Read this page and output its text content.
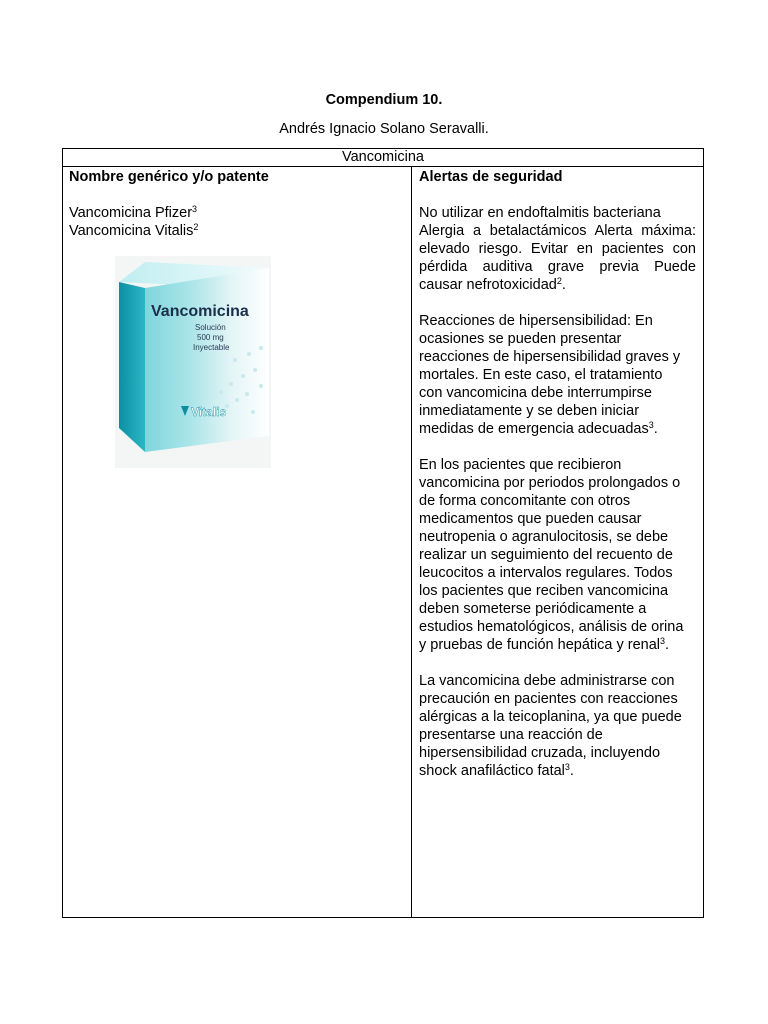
Compendium 10.
Andrés Ignacio Solano Seravalli.
Vancomicina
Nombre genérico y/o patente
Vancomicina Pfizer$^3$
Vancomicina Vitalis$^2$
Vancomicina
Solución
500 mg
Inyectable
Vitalis
Alertas de seguridad
No utilizar en endoftalmitis bacteriana
Alergia a betalactámicos Alerta máxima:
elevado riesgo. Evitar en pacientes con
pérdida auditiva grave previa Puede
causar nefrotoxicidad$^2$.
Reacciones de hipersensibilidad: En
ocasiones se pueden presentar
reacciones de hipersensibilidad graves y
mortales. En este caso, el tratamiento
con vancomicina debe interrumpirse
inmediatamente y se deben iniciar
medidas de emergencia adecuadas$^3$.
En los pacientes que recibieron
vancomicina por periodos prolongados o
de forma concomitante con otros
medicamentos que pueden causar
neutropenia o agranulocitosis, se debe
realizar un seguimiento del recuento de
leucocitos a intervalos regulares. Todos
los pacientes que reciben vancomicina
deben someterse periódicamente a
estudios hematológicos, análisis de orina
y pruebas de función hepática y renal$^3$.
La vancomicina debe administrarse con
precaución en pacientes con reacciones
alérgicas a la teicoplanina, ya que puede
presentarse una reacción de
hipersensibilidad cruzada, incluyendo
shock anafiláctico fatal$^3$.
